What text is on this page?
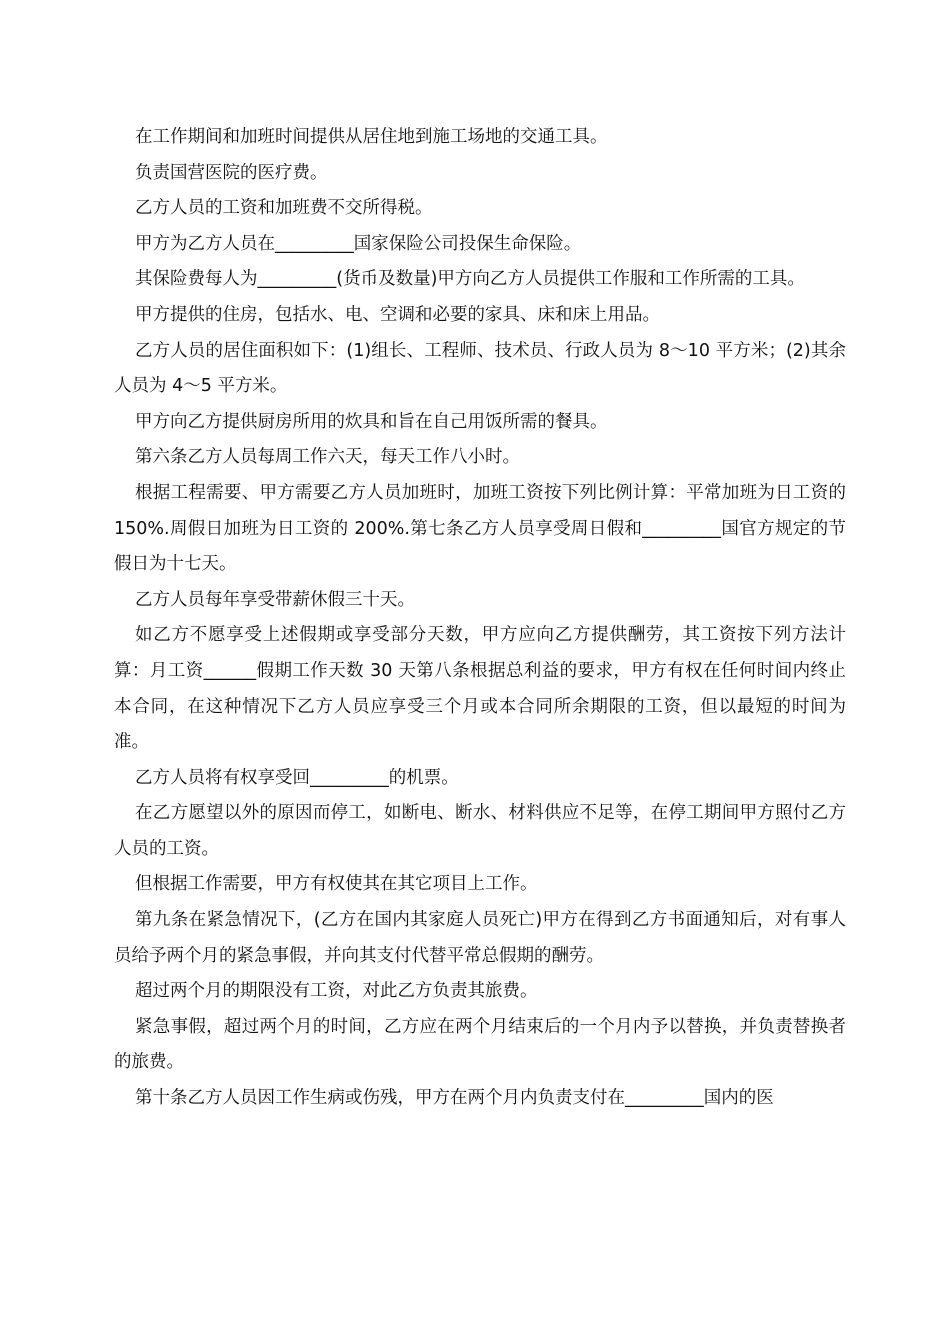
在工作期间和加班时间提供从居住地到施工场地的交通工具。

负责国营医院的医疗费。

乙方人员的工资和加班费不交所得税。

甲方为乙方人员在_________国家保险公司投保生命保险。

其保险费每人为_________(货币及数量)甲方向乙方人员提供工作服和工作所需的工具。

甲方提供的住房，包括水、电、空调和必要的家具、床和床上用品。

乙方人员的居住面积如下：(1)组长、工程师、技术员、行政人员为 8～10 平方米；(2)其余人员为 4～5 平方米。

甲方向乙方提供厨房所用的炊具和旨在自己用饭所需的餐具。

第六条乙方人员每周工作六天，每天工作八小时。

根据工程需要、甲方需要乙方人员加班时，加班工资按下列比例计算：平常加班为日工资的 150%.周假日加班为日工资的 200%.第七条乙方人员享受周日假和_________国官方规定的节假日为十七天。

乙方人员每年享受带薪休假三十天。

如乙方不愿享受上述假期或享受部分天数，甲方应向乙方提供酬劳，其工资按下列方法计算：月工资______假期工作天数 30 天第八条根据总利益的要求，甲方有权在任何时间内终止本合同，在这种情况下乙方人员应享受三个月或本合同所余期限的工资，但以最短的时间为准。

乙方人员将有权享受回_________的机票。

在乙方愿望以外的原因而停工，如断电、断水、材料供应不足等，在停工期间甲方照付乙方人员的工资。

但根据工作需要，甲方有权使其在其它项目上工作。

第九条在紧急情况下，(乙方在国内其家庭人员死亡)甲方在得到乙方书面通知后，对有事人员给予两个月的紧急事假，并向其支付代替平常总假期的酬劳。

超过两个月的期限没有工资，对此乙方负责其旅费。

紧急事假，超过两个月的时间，乙方应在两个月结束后的一个月内予以替换，并负责替换者的旅费。

第十条乙方人员因工作生病或伤残，甲方在两个月内负责支付在_________国内的医
